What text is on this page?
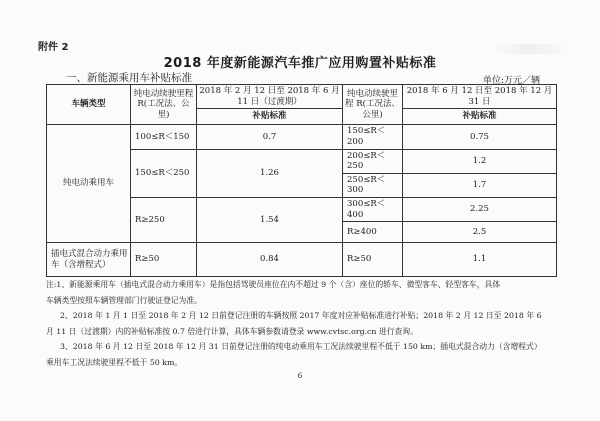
附件 2
2018 年度新能源汽车推广应用购置补贴标准
一、新能源乘用车补贴标准	单位:万元／辆
车辆类型	纯电动续驶里程 R(工况法、公里)	2018 年 2 月 12 日至 2018 年 6 月 11 日（过渡期）	纯电动续驶里程 R(工况法、公里)	2018 年 6 月 12 日至 2018 年 12 月 31 日
		补贴标准		补贴标准
纯电动乘用车	100≤R＜150	0.7	150≤R＜200	0.75
	150≤R＜250	1.26	200≤R＜250	1.2
			250≤R＜300	1.7
	R≥250	1.54	300≤R＜400	2.25
			R≥400	2.5
插电式混合动力乘用车（含增程式）	R≥50	0.84	R≥50	1.1

注:1、新能源乘用车（插电式混合动力乘用车）是指包括驾驶员座位在内不超过 9 个（含）座位的轿车、微型客车、轻型客车，具体

车辆类型按照车辆管理部门行驶证登记为准。

2、2018 年 1 月 1 日至 2018 年 2 月 12 日前登记注册的车辆按照 2017 年度对应补贴标准进行补贴；2018 年 2 月 12 日至 2018 年 6

月 11 日（过渡期）内的补贴标准按 0.7 倍进行计算，具体车辆参数请登录 www.cvtsc.org.cn 进行查询。

3、2018 年 6 月 12 日至 2018 年 12 月 31 日前登记注册的纯电动乘用车工况法续驶里程不低于 150 km；插电式混合动力（含增程式）

乘用车工况法续驶里程不低于 50 km。

6
